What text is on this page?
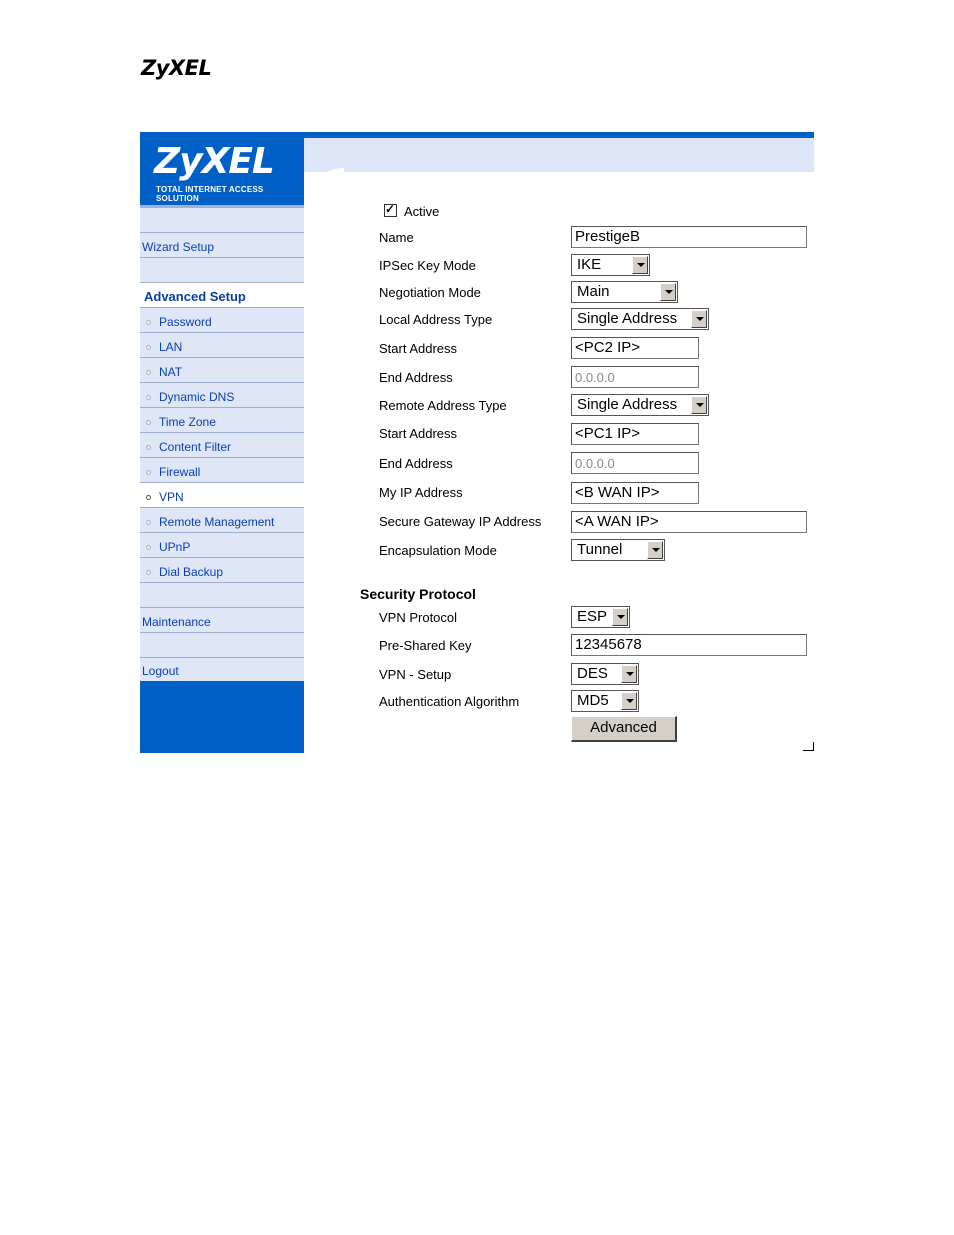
ZyXEL
ZyXEL
TOTAL INTERNET ACCESS SOLUTION
Wizard Setup
Advanced Setup
Password
LAN
NAT
Dynamic DNS
Time Zone
Content Filter
Firewall
VPN
Remote Management
UPnP
Dial Backup
Maintenance
Logout
✓
Active
Name	PrestigeB
IPSec Key Mode	IKE
Negotiation Mode	Main
Local Address Type	Single Address
Start Address	<PC2 IP>
End Address	0.0.0.0
Remote Address Type	Single Address
Start Address	<PC1 IP>
End Address	0.0.0.0
My IP Address	<B WAN IP>
Secure Gateway IP Address <A WAN IP>
Encapsulation Mode	Tunnel
Security Protocol
VPN Protocol	ESP
Pre-Shared Key	12345678
VPN - Setup	DES
Authentication Algorithm	MD5
Advanced
